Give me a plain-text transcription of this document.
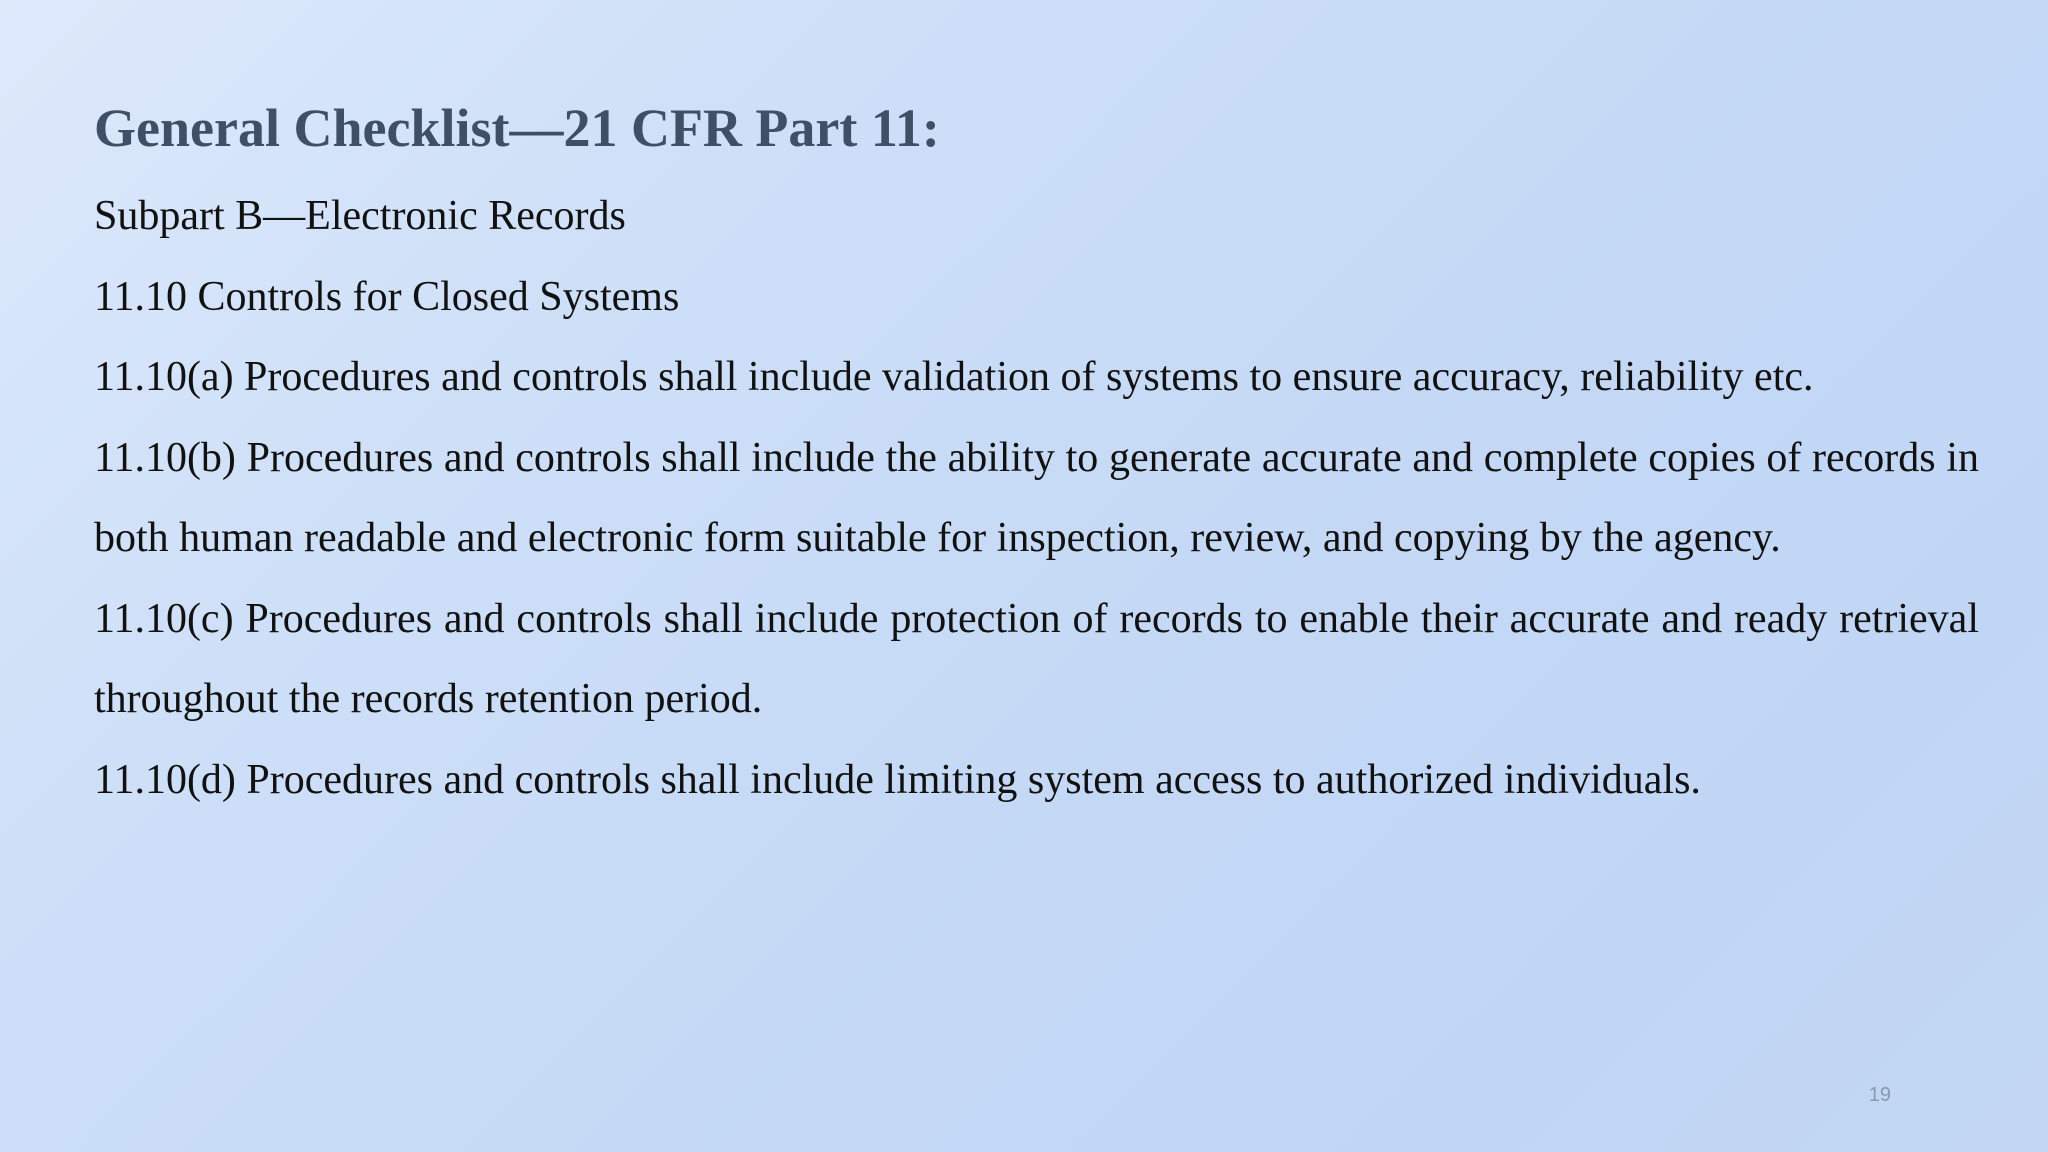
General Checklist—21 CFR Part 11:

Subpart B—Electronic Records

11.10 Controls for Closed Systems

11.10(a) Procedures and controls shall include validation of systems to ensure accuracy, reliability etc.

11.10(b) Procedures and controls shall include the ability to generate accurate and complete copies of records in both human readable and electronic form suitable for inspection, review, and copying by the agency.

11.10(c) Procedures and controls shall include protection of records to enable their accurate and ready retrieval throughout the records retention period.

11.10(d) Procedures and controls shall include limiting system access to authorized individuals.

19
